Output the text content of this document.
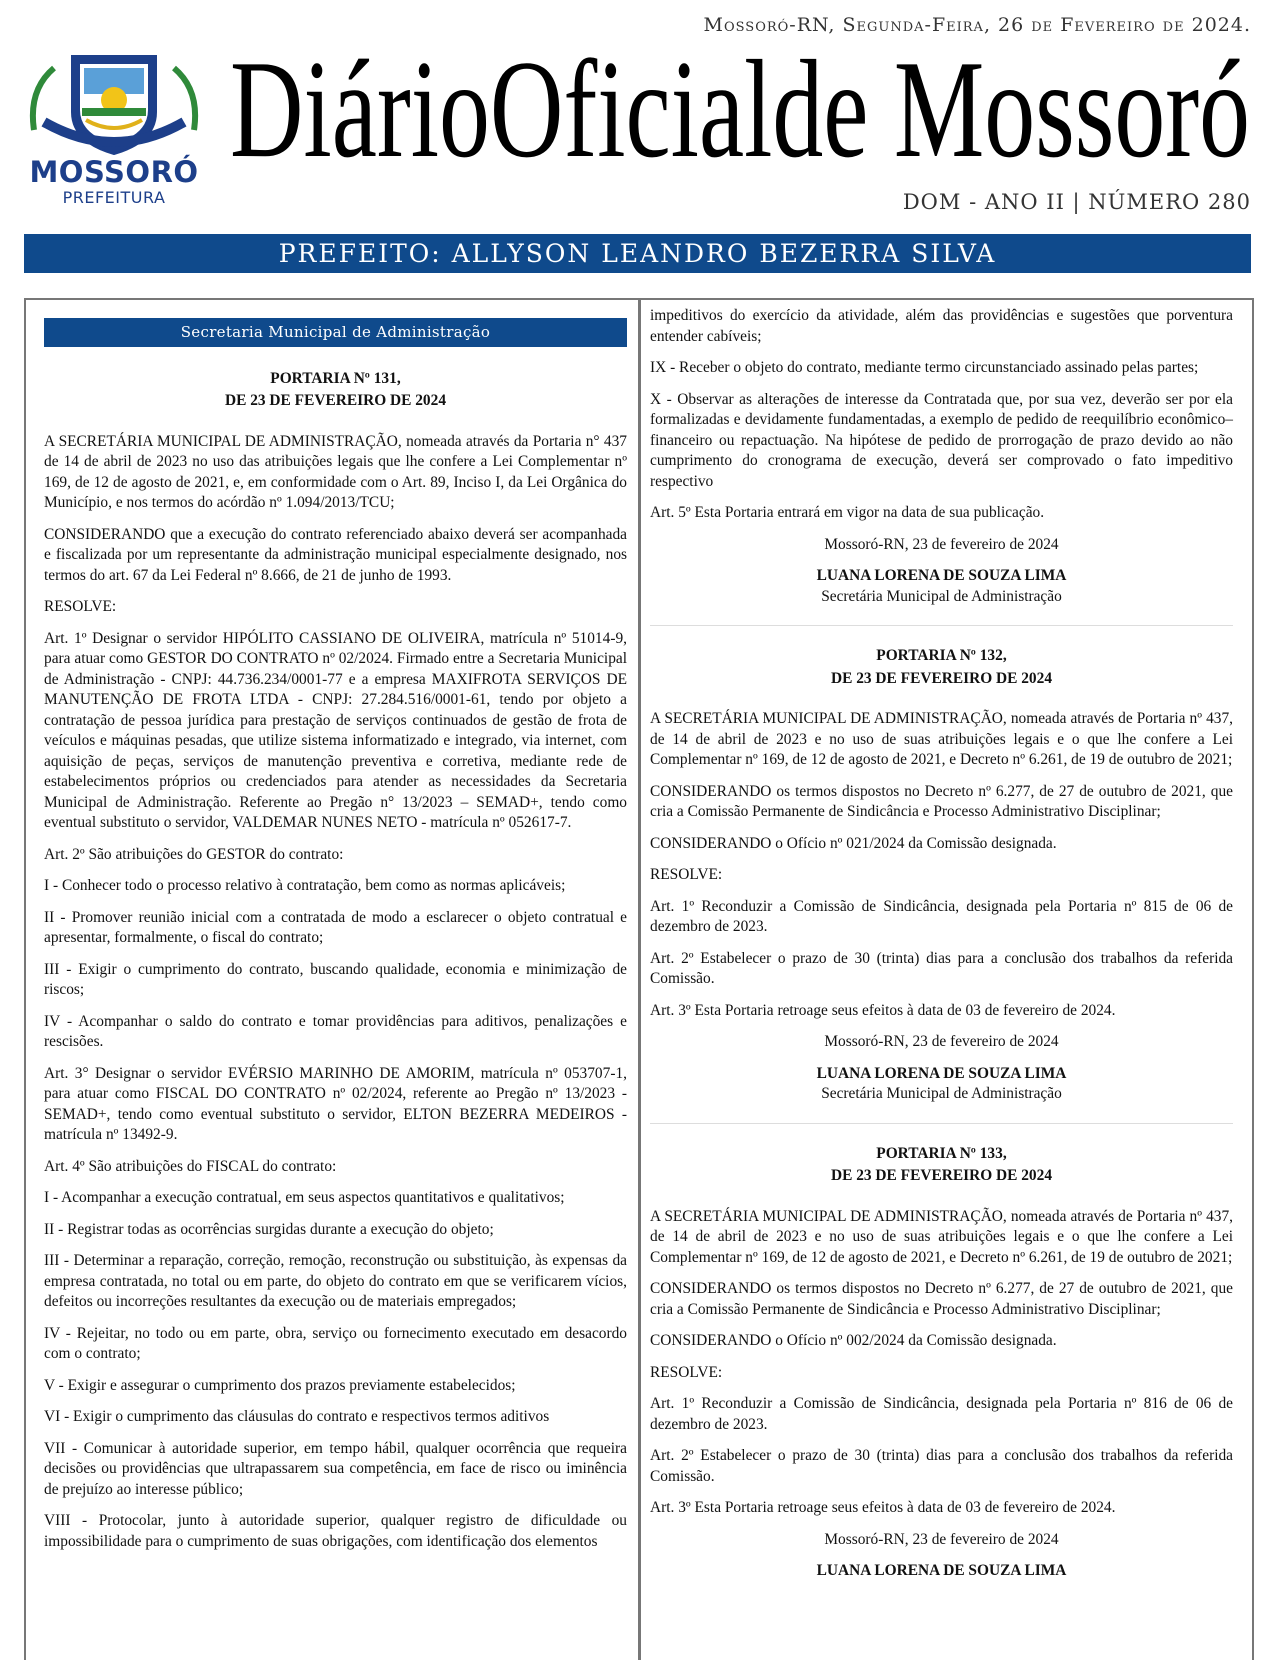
Mossoró-RN, Segunda-Feira, 26 de Fevereiro de 2024.
MOSSORÓ
PREFEITURA
DiárioOficialde Mossoró
DOM - ANO II | NÚMERO 280
PREFEITO: ALLYSON LEANDRO BEZERRA SILVA
Secretaria Municipal de Administração

PORTARIA Nº 131,

DE 23 DE FEVEREIRO DE 2024

A SECRETÁRIA MUNICIPAL DE ADMINISTRAÇÃO, nomeada através da Portaria n° 437 de 14 de abril de 2023 no uso das atribuições legais que lhe confere a Lei Complementar nº 169, de 12 de agosto de 2021, e, em conformidade com o Art. 89, Inciso I, da Lei Orgânica do Município, e nos termos do acórdão nº 1.094/2013/TCU;

CONSIDERANDO que a execução do contrato referenciado abaixo deverá ser acompanhada e fiscalizada por um representante da administração municipal especialmente designado, nos termos do art. 67 da Lei Federal nº 8.666, de 21 de junho de 1993.

RESOLVE:

Art. 1º Designar o servidor HIPÓLITO CASSIANO DE OLIVEIRA, matrícula nº 51014-9, para atuar como GESTOR DO CONTRATO nº 02/2024. Firmado entre a Secretaria Municipal de Administração - CNPJ: 44.736.234/0001-77 e a empresa MAXIFROTA SERVIÇOS DE MANUTENÇÃO DE FROTA LTDA - CNPJ: 27.284.516/0001-61, tendo por objeto a contratação de pessoa jurídica para prestação de serviços continuados de gestão de frota de veículos e máquinas pesadas, que utilize sistema informatizado e integrado, via internet, com aquisição de peças, serviços de manutenção preventiva e corretiva, mediante rede de estabelecimentos próprios ou credenciados para atender as necessidades da Secretaria Municipal de Administração. Referente ao Pregão n° 13/2023 – SEMAD+, tendo como eventual substituto o servidor, VALDEMAR NUNES NETO - matrícula nº 052617-7.

Art. 2º São atribuições do GESTOR do contrato:

I - Conhecer todo o processo relativo à contratação, bem como as normas aplicáveis;

II - Promover reunião inicial com a contratada de modo a esclarecer o objeto contratual e apresentar, formalmente, o fiscal do contrato;

III - Exigir o cumprimento do contrato, buscando qualidade, economia e minimização de riscos;

IV - Acompanhar o saldo do contrato e tomar providências para aditivos, penalizações e rescisões.

Art. 3° Designar o servidor EVÉRSIO MARINHO DE AMORIM, matrícula nº 053707-1, para atuar como FISCAL DO CONTRATO nº 02/2024, referente ao Pregão nº 13/2023 - SEMAD+, tendo como eventual substituto o servidor, ELTON BEZERRA MEDEIROS - matrícula nº 13492-9.

Art. 4º São atribuições do FISCAL do contrato:

I - Acompanhar a execução contratual, em seus aspectos quantitativos e qualitativos;

II - Registrar todas as ocorrências surgidas durante a execução do objeto;

III - Determinar a reparação, correção, remoção, reconstrução ou substituição, às expensas da empresa contratada, no total ou em parte, do objeto do contrato em que se verificarem vícios, defeitos ou incorreções resultantes da execução ou de materiais empregados;

IV - Rejeitar, no todo ou em parte, obra, serviço ou fornecimento executado em desacordo com o contrato;

V - Exigir e assegurar o cumprimento dos prazos previamente estabelecidos;

VI - Exigir o cumprimento das cláusulas do contrato e respectivos termos aditivos

VII - Comunicar à autoridade superior, em tempo hábil, qualquer ocorrência que requeira decisões ou providências que ultrapassarem sua competência, em face de risco ou iminência de prejuízo ao interesse público;

VIII - Protocolar, junto à autoridade superior, qualquer registro de dificuldade ou impossibilidade para o cumprimento de suas obrigações, com identificação dos elementos

impeditivos do exercício da atividade, além das providências e sugestões que porventura entender cabíveis;

IX - Receber o objeto do contrato, mediante termo circunstanciado assinado pelas partes;

X - Observar as alterações de interesse da Contratada que, por sua vez, deverão ser por ela formalizadas e devidamente fundamentadas, a exemplo de pedido de reequilíbrio econômico–financeiro ou repactuação. Na hipótese de pedido de prorrogação de prazo devido ao não cumprimento do cronograma de execução, deverá ser comprovado o fato impeditivo respectivo

Art. 5º Esta Portaria entrará em vigor na data de sua publicação.

Mossoró-RN, 23 de fevereiro de 2024

LUANA LORENA DE SOUZA LIMA

Secretária Municipal de Administração

PORTARIA Nº 132,

DE 23 DE FEVEREIRO DE 2024

A SECRETÁRIA MUNICIPAL DE ADMINISTRAÇÃO, nomeada através de Portaria nº 437, de 14 de abril de 2023 e no uso de suas atribuições legais e o que lhe confere a Lei Complementar nº 169, de 12 de agosto de 2021, e Decreto nº 6.261, de 19 de outubro de 2021;

CONSIDERANDO os termos dispostos no Decreto nº 6.277, de 27 de outubro de 2021, que cria a Comissão Permanente de Sindicância e Processo Administrativo Disciplinar;

CONSIDERANDO o Ofício nº 021/2024 da Comissão designada.

RESOLVE:

Art. 1º Reconduzir a Comissão de Sindicância, designada pela Portaria nº 815 de 06 de dezembro de 2023.

Art. 2º Estabelecer o prazo de 30 (trinta) dias para a conclusão dos trabalhos da referida Comissão.

Art. 3º Esta Portaria retroage seus efeitos à data de 03 de fevereiro de 2024.

Mossoró-RN, 23 de fevereiro de 2024

LUANA LORENA DE SOUZA LIMA

Secretária Municipal de Administração

PORTARIA Nº 133,

DE 23 DE FEVEREIRO DE 2024

A SECRETÁRIA MUNICIPAL DE ADMINISTRAÇÃO, nomeada através de Portaria nº 437, de 14 de abril de 2023 e no uso de suas atribuições legais e o que lhe confere a Lei Complementar nº 169, de 12 de agosto de 2021, e Decreto nº 6.261, de 19 de outubro de 2021;

CONSIDERANDO os termos dispostos no Decreto nº 6.277, de 27 de outubro de 2021, que cria a Comissão Permanente de Sindicância e Processo Administrativo Disciplinar;

CONSIDERANDO o Ofício nº 002/2024 da Comissão designada.

RESOLVE:

Art. 1º Reconduzir a Comissão de Sindicância, designada pela Portaria nº 816 de 06 de dezembro de 2023.

Art. 2º Estabelecer o prazo de 30 (trinta) dias para a conclusão dos trabalhos da referida Comissão.

Art. 3º Esta Portaria retroage seus efeitos à data de 03 de fevereiro de 2024.

Mossoró-RN, 23 de fevereiro de 2024

LUANA LORENA DE SOUZA LIMA
